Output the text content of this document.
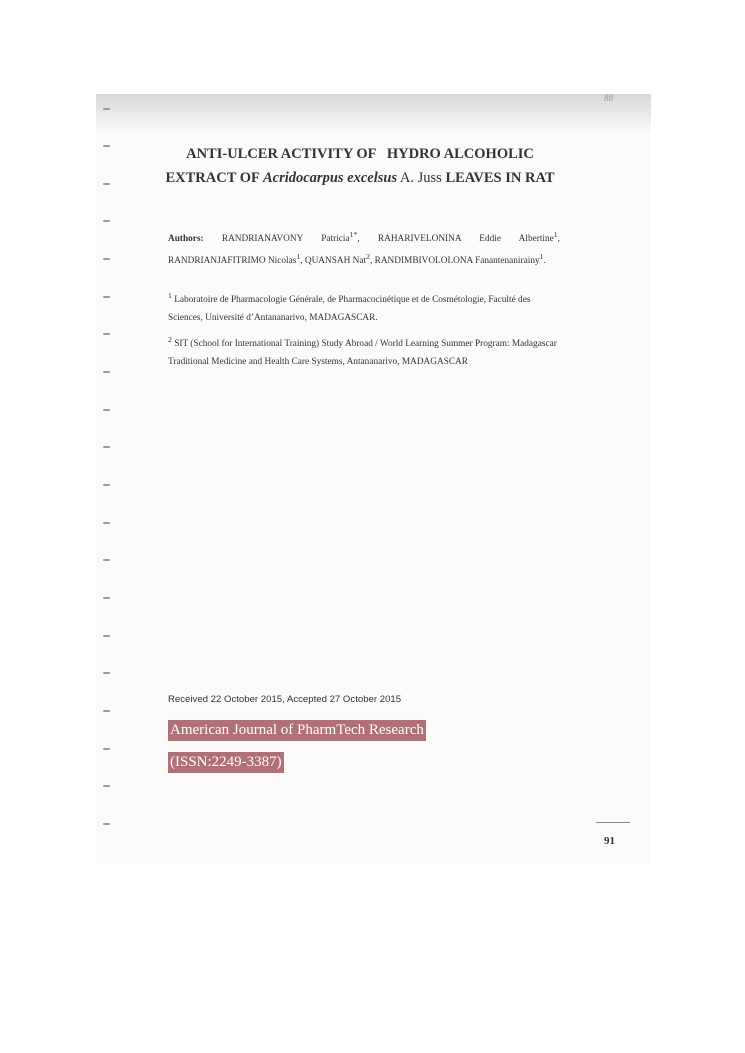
88
ANTI-ULCER ACTIVITY OF   HYDRO ALCOHOLIC
EXTRACT OF Acridocarpus excelsus A. Juss LEAVES IN RAT
Authors: RANDRIANAVONY Patricia$^{1*}$, RAHARIVELONINA Eddie Albertine$^1$, RANDRIANJAFITRIMO Nicolas$^1$, QUANSAH Nat$^2$, RANDIMBIVOLOLONA Fanantenanirainy$^1$.
$^1$ Laboratoire de Pharmacologie Générale, de Pharmacocinétique et de Cosmétologie, Faculté des Sciences, Université d’Antananarivo, MADAGASCAR.
$^2$ SIT (School for International Training) Study Abroad / World Learning Summer Program: Madagascar Traditional Medicine and Health Care Systems, Antananarivo, MADAGASCAR
Received 22 October 2015, Accepted 27 October 2015
American Journal of PharmTech Research
(ISSN:2249-3387)
91
